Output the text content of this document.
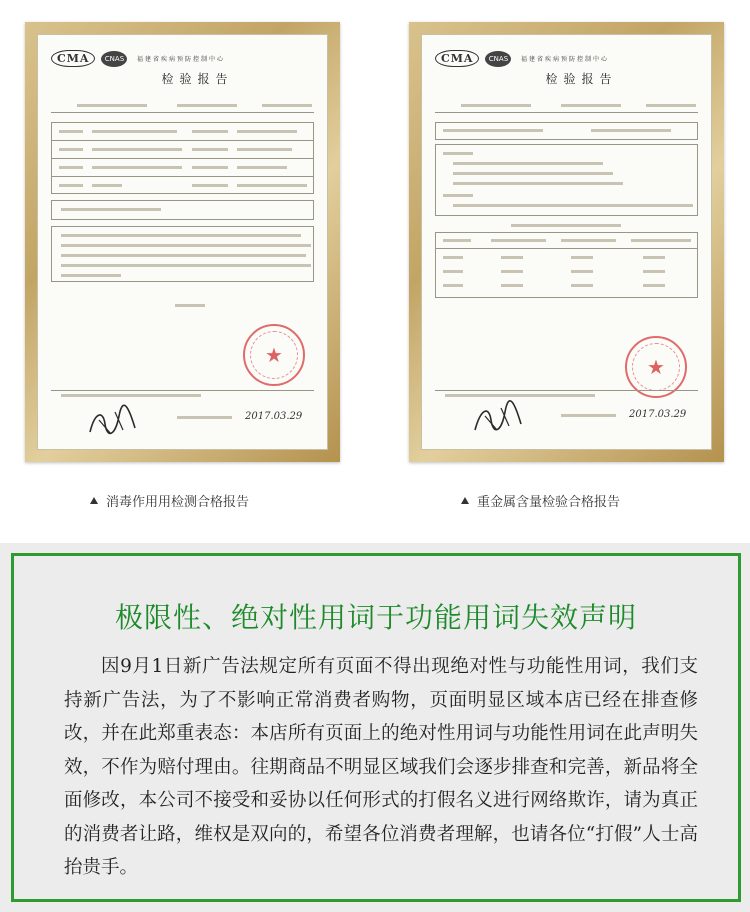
CMA	CNAS	福建省疾病预防控制中心
检验报告
★
2017.03.29
CMA	CNAS	福建省疾病预防控制中心
检验报告
★
2017.03.29
消毒作用用检测合格报告	重金属含量检验合格报告
极限性、绝对性用词于功能用词失效声明

因9月1日新广告法规定所有页面不得出现绝对性与功能性用词，我们支持新广告法，为了不影响正常消费者购物，页面明显区域本店已经在排查修改，并在此郑重表态：本店所有页面上的绝对性用词与功能性用词在此声明失效，不作为赔付理由。往期商品不明显区域我们会逐步排查和完善，新品将全面修改，本公司不接受和妥协以任何形式的打假名义进行网络欺诈，请为真正的消费者让路，维权是双向的，希望各位消费者理解，也请各位“打假”人士高抬贵手。
